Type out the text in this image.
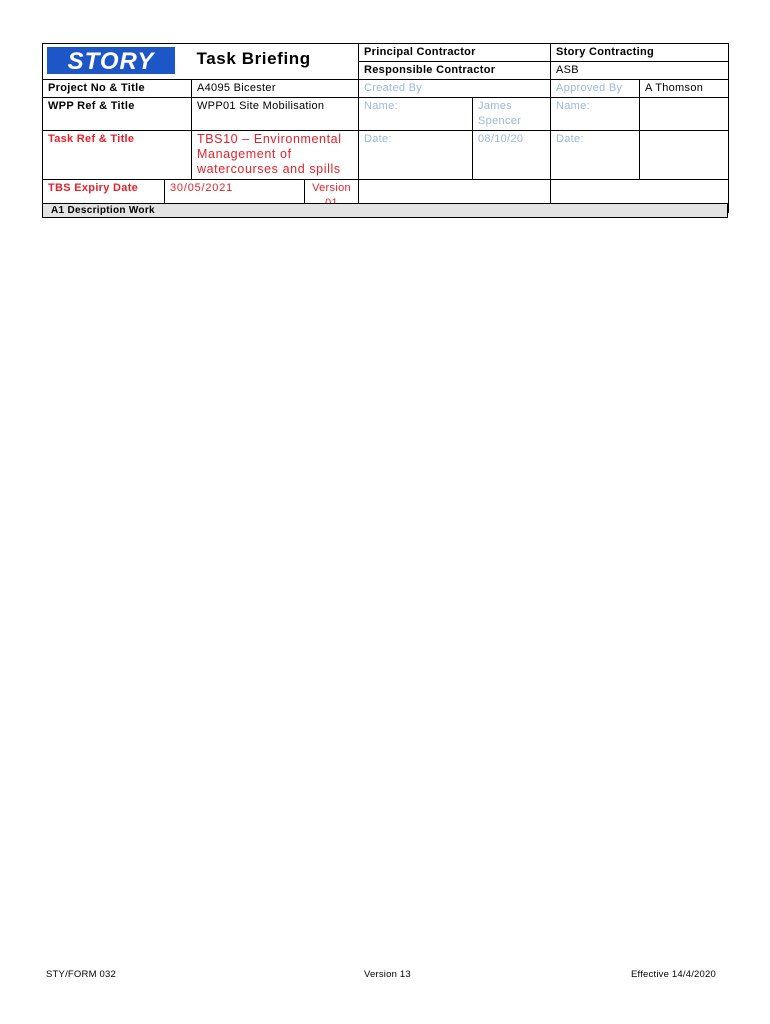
STORY		Task Briefing		Principal Contractor		Story Contracting	
				Responsible Contractor		ASB	
Project No & Title		A4095 Bicester		Created By		Approved By	A Thomson
WPP Ref & Title		WPP01 Site Mobilisation		Name:	James Spencer	Name:	
Task Ref & Title		TBS10 – Environmental Management of watercourses and spills		Date:	08/10/20	Date:	
TBS Expiry Date	30/05/2021		Version				
A1 Description Work
STY/FORM 032	Version 13	Effective 14/4/2020
